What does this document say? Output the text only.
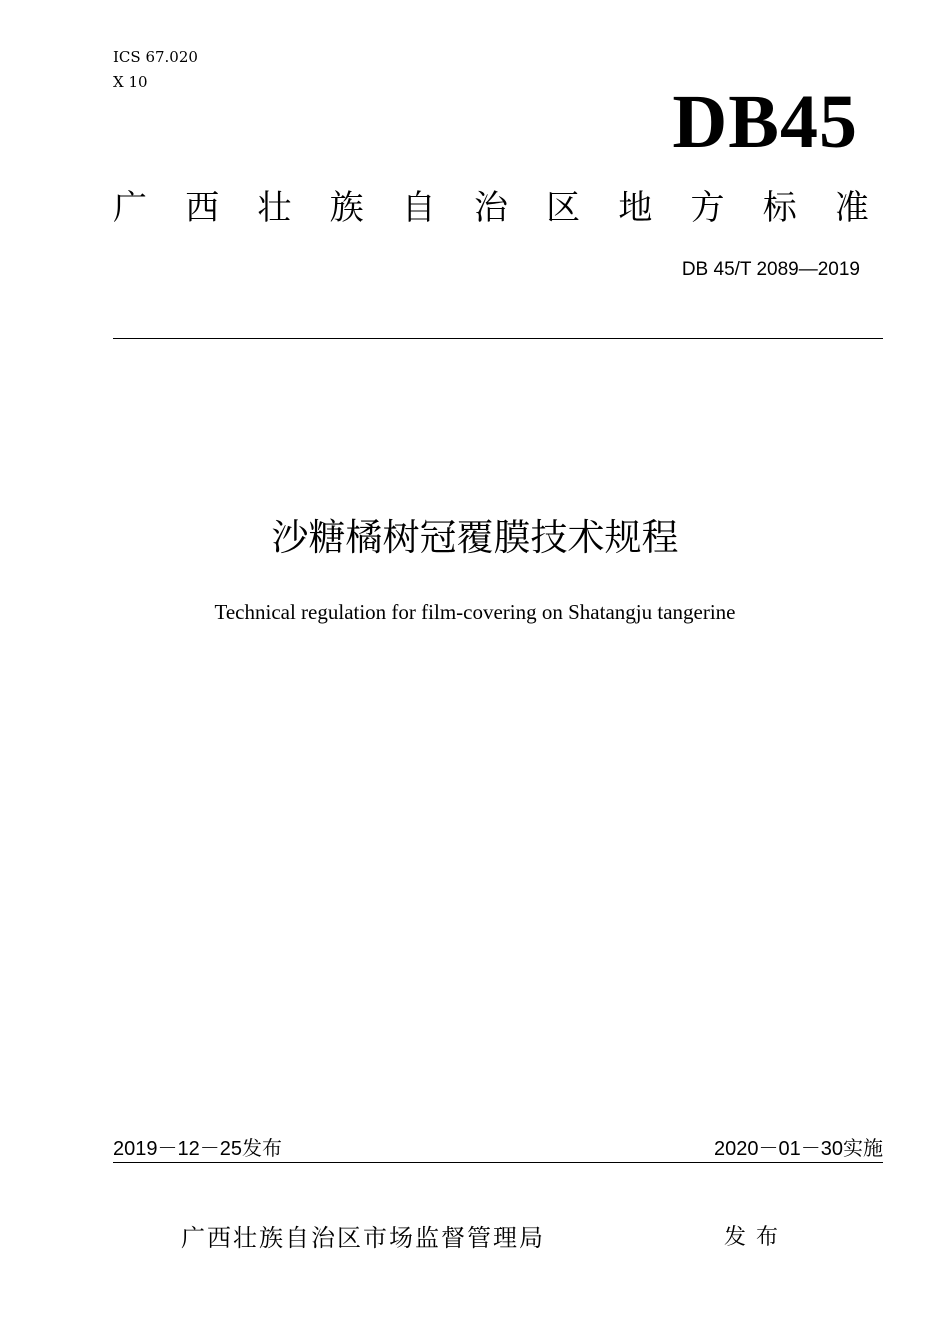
ICS 67.020
X 10	DB45
广 西 壮 族 自 治 区 地 方 标 准
DB 45/T 2089—2019
沙糖橘树冠覆膜技术规程
Technical regulation for film-covering on Shatangju tangerine
2019－12－25发布	2020－01－30实施
广西壮族自治区市场监督管理局	发布
